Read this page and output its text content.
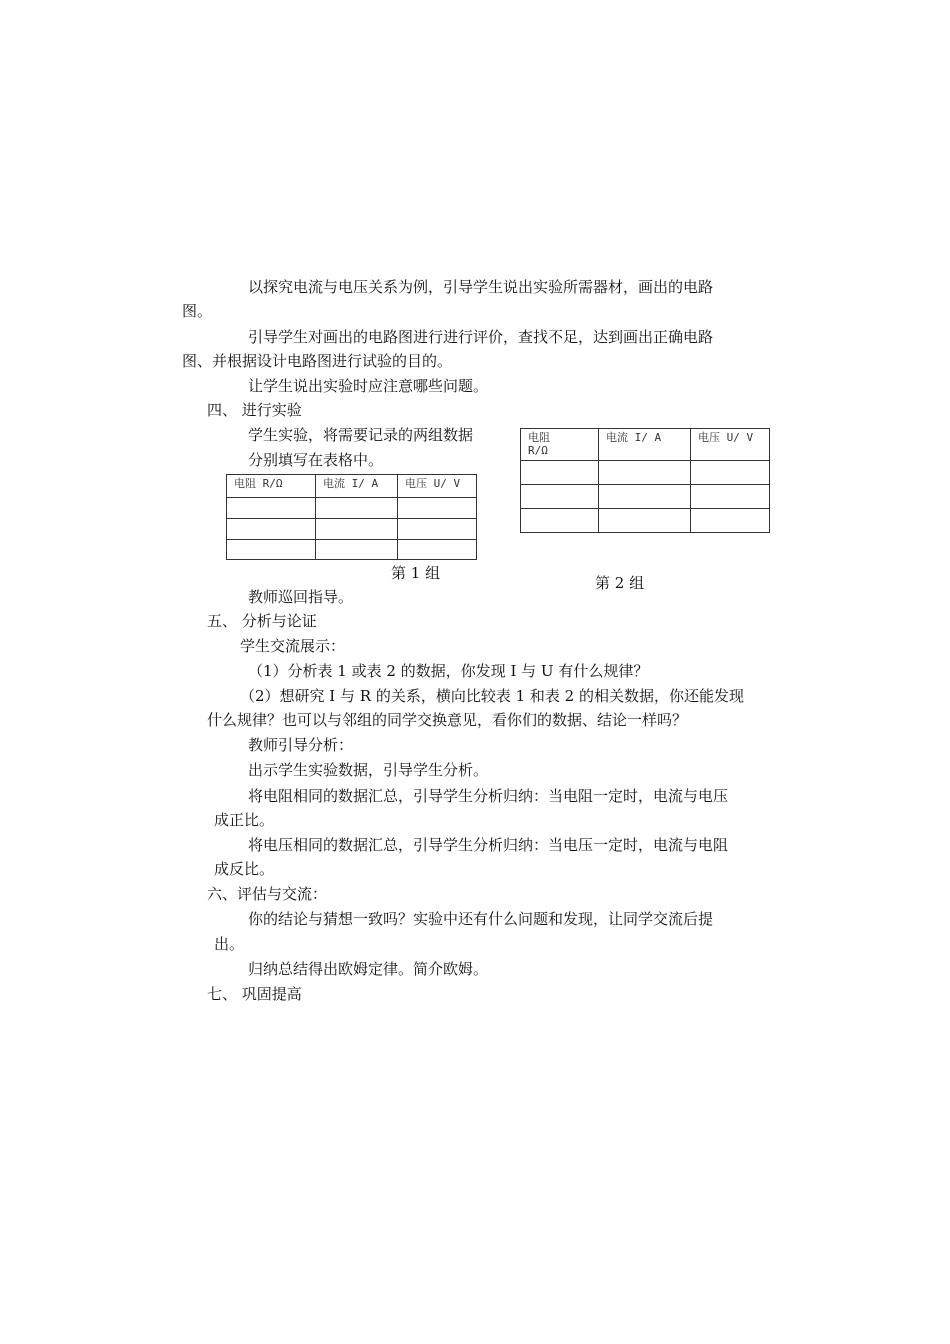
以探究电流与电压关系为例，引导学生说出实验所需器材，画出的电路
图。
引导学生对画出的电路图进行进行评价，查找不足，达到画出正确电路
图、并根据设计电路图进行试验的目的。
让学生说出实验时应注意哪些问题。
四、 进行实验
学生实验，将需要记录的两组数据
分别填写在表格中。
电阻 R/Ω	电流 I/ A	电压 U/ V

第 1 组
电阻
R/Ω	电流 I/ A	电压 U/ V

第 2 组
教师巡回指导。
五、 分析与论证
学生交流展示：
（1）分析表 1 或表 2 的数据，你发现 I 与 U 有什么规律？
（2）想研究 I 与 R 的关系，横向比较表 1 和表 2 的相关数据，你还能发现
什么规律？也可以与邻组的同学交换意见，看你们的数据、结论一样吗？
教师引导分析：
出示学生实验数据，引导学生分析。
将电阻相同的数据汇总，引导学生分析归纳：当电阻一定时，电流与电压
成正比。
将电压相同的数据汇总，引导学生分析归纳：当电压一定时，电流与电阻
成反比。
六、评估与交流：
你的结论与猜想一致吗？实验中还有什么问题和发现，让同学交流后提
出。
归纳总结得出欧姆定律。简介欧姆。
七、 巩固提高
